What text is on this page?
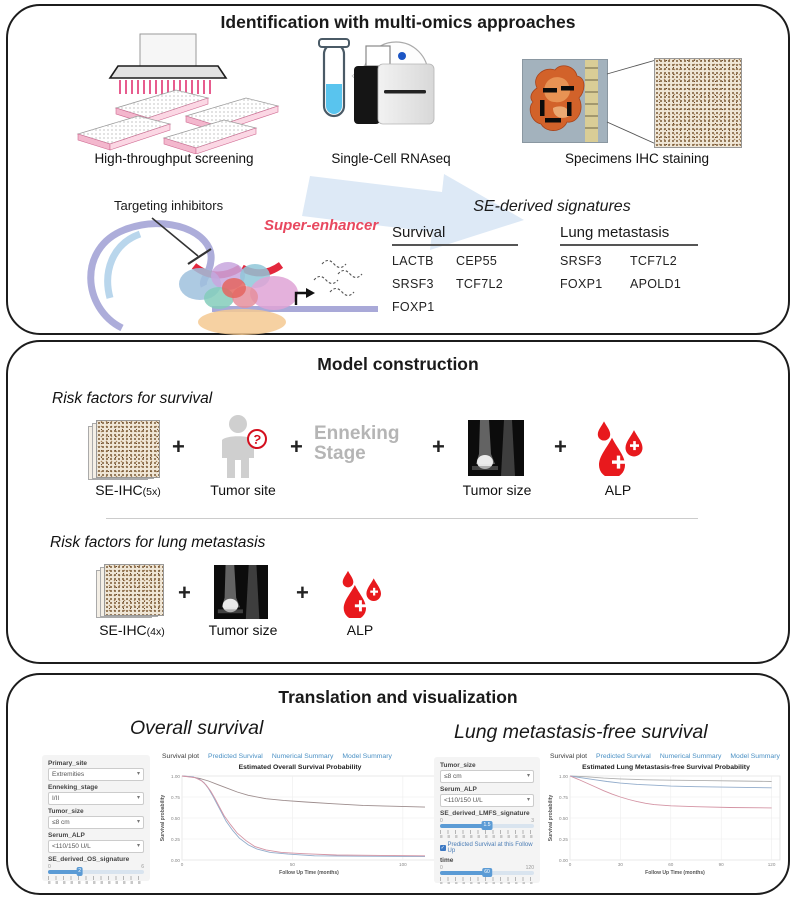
Identification with multi-omics approaches
High-throughput screening	Single-Cell RNAseq	Specimens IHC staining
Targeting inhibitors
Super-enhancer
SE-derived signatures
Survival
LACTB	CEP55
SRSF3	TCF7L2
FOXP1
Lung metastasis
SRSF3	TCF7L2
FOXP1	APOLD1
Model construction
Risk factors for survival
SE-IHC(5x)
+	?
Tumor site
+
Enneking
Stage	+
Tumor size
+
ALP
Risk factors for lung metastasis
SE-IHC(4x)
+
Tumor size
+
ALP
Translation and visualization
Overall survival	Lung metastasis-free survival
Primary_site
Extremities	▾
Enneking_stage
I/II	▾
Tumor_size
≤8 cm	▾
Serum_ALP
<110/150 U/L	▾
SE_derived_OS_signature
0	6
2
Survival plot Predicted Survival Numerical Summary Model Summary
Estimated Overall Survival Probability
1.00
0.75
0.50
0.25
0.00
0	50	100
Follow Up Time (months)
Survival probability
Tumor_size
≤8 cm	▾
Serum_ALP
<110/150 U/L	▾
SE_derived_LMFS_signature
0	3
1.5
✓ Predicted Survival at this Follow Up
time
0	120
60
Survival plot Predicted Survival Numerical Summary Model Summary
Estimated Lung Metastasis-free Survival Probability
1.00
0.75
0.50
0.25
0.00
0	30	60	90	120
Follow Up Time (months)
Survival probability
